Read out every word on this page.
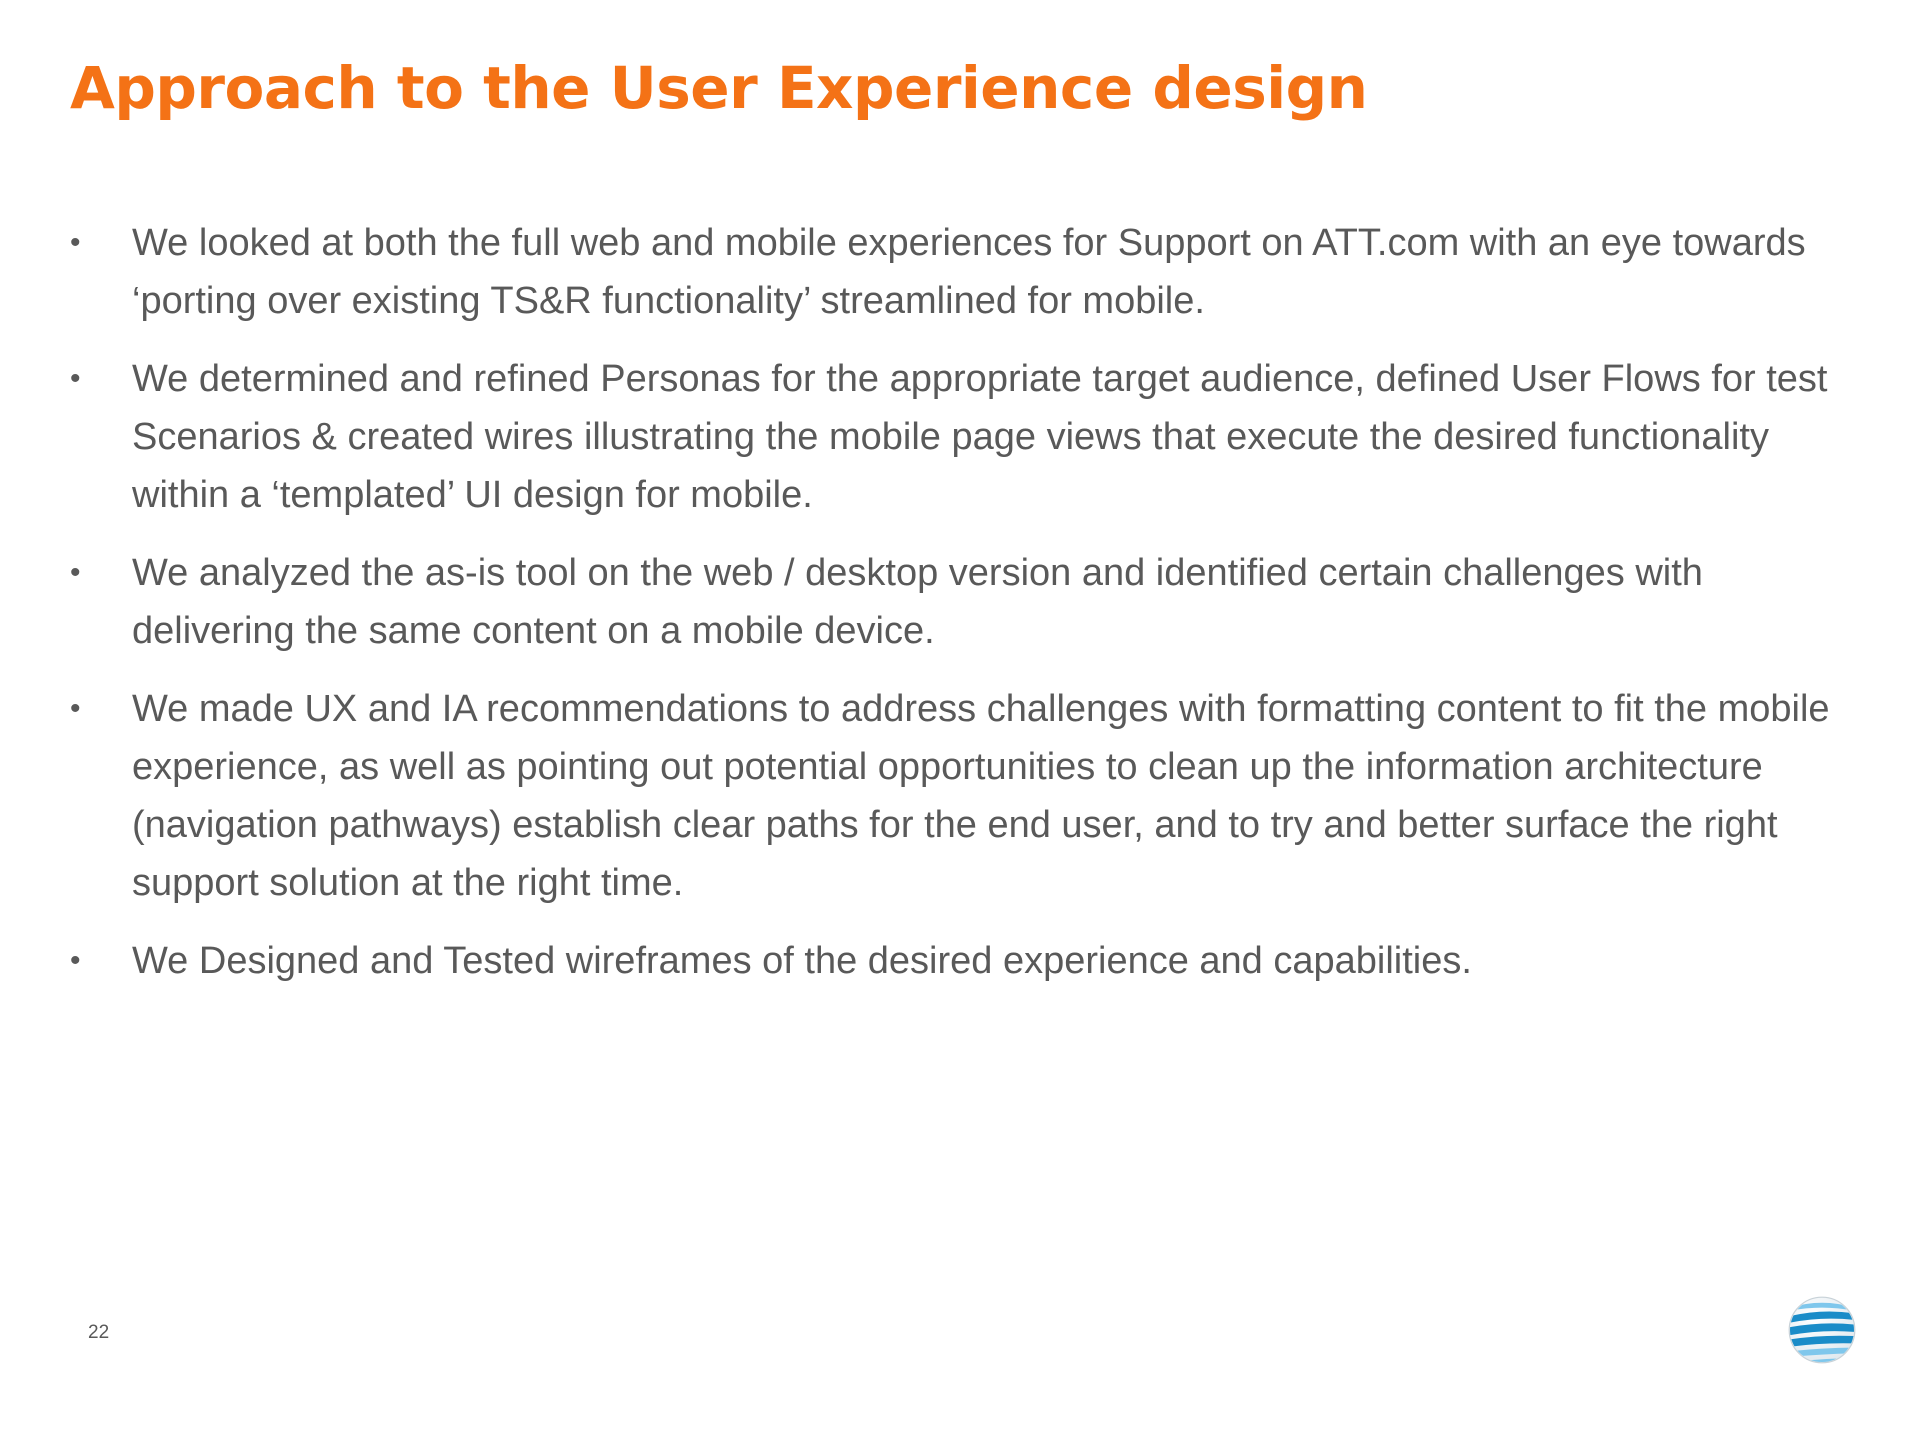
Approach to the User Experience design
• We looked at both the full web and mobile experiences for Support on ATT.com with an eye towards ‘porting over existing TS&R functionality’ streamlined for mobile.
• We determined and refined Personas for the appropriate target audience, defined User Flows for test Scenarios & created wires illustrating the mobile page views that execute the desired functionality within a ‘templated’ UI design for mobile.
• We analyzed the as-is tool on the web / desktop version and identified certain challenges with delivering the same content on a mobile device.
• We made UX and IA recommendations to address challenges with formatting content to fit the mobile experience, as well as pointing out potential opportunities to clean up the information architecture (navigation pathways) establish clear paths for the end user, and to try and better surface the right support solution at the right time.
• We Designed and Tested wireframes of the desired experience and capabilities.
22
